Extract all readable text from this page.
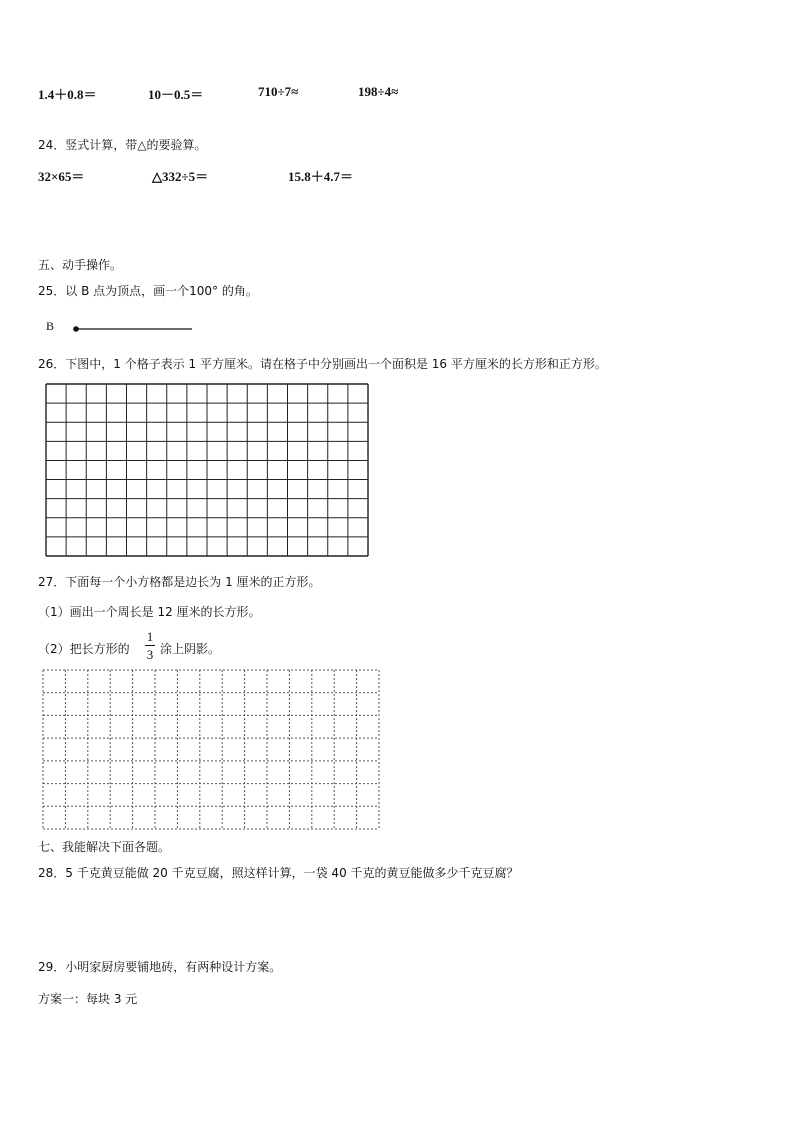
1.4＋0.8＝	10－0.5＝	710÷7≈	198÷4≈
24．竖式计算，带△的要验算。
32×65＝	△332÷5＝	15.8＋4.7＝
五、动手操作。
25．以 B 点为顶点，画一个100° 的角。
B
26．下图中，1 个格子表示 1 平方厘米。请在格子中分别画出一个面积是 16 平方厘米的长方形和正方形。
27．下面每一个小方格都是边长为 1 厘米的正方形。
（1）画出一个周长是 12 厘米的长方形。
（2）把长方形的
1
3 涂上阴影。
七、我能解决下面各题。
28．5 千克黄豆能做 20 千克豆腐，照这样计算，一袋 40 千克的黄豆能做多少千克豆腐？
29．小明家厨房要铺地砖，有两种设计方案。
方案一：每块 3 元
